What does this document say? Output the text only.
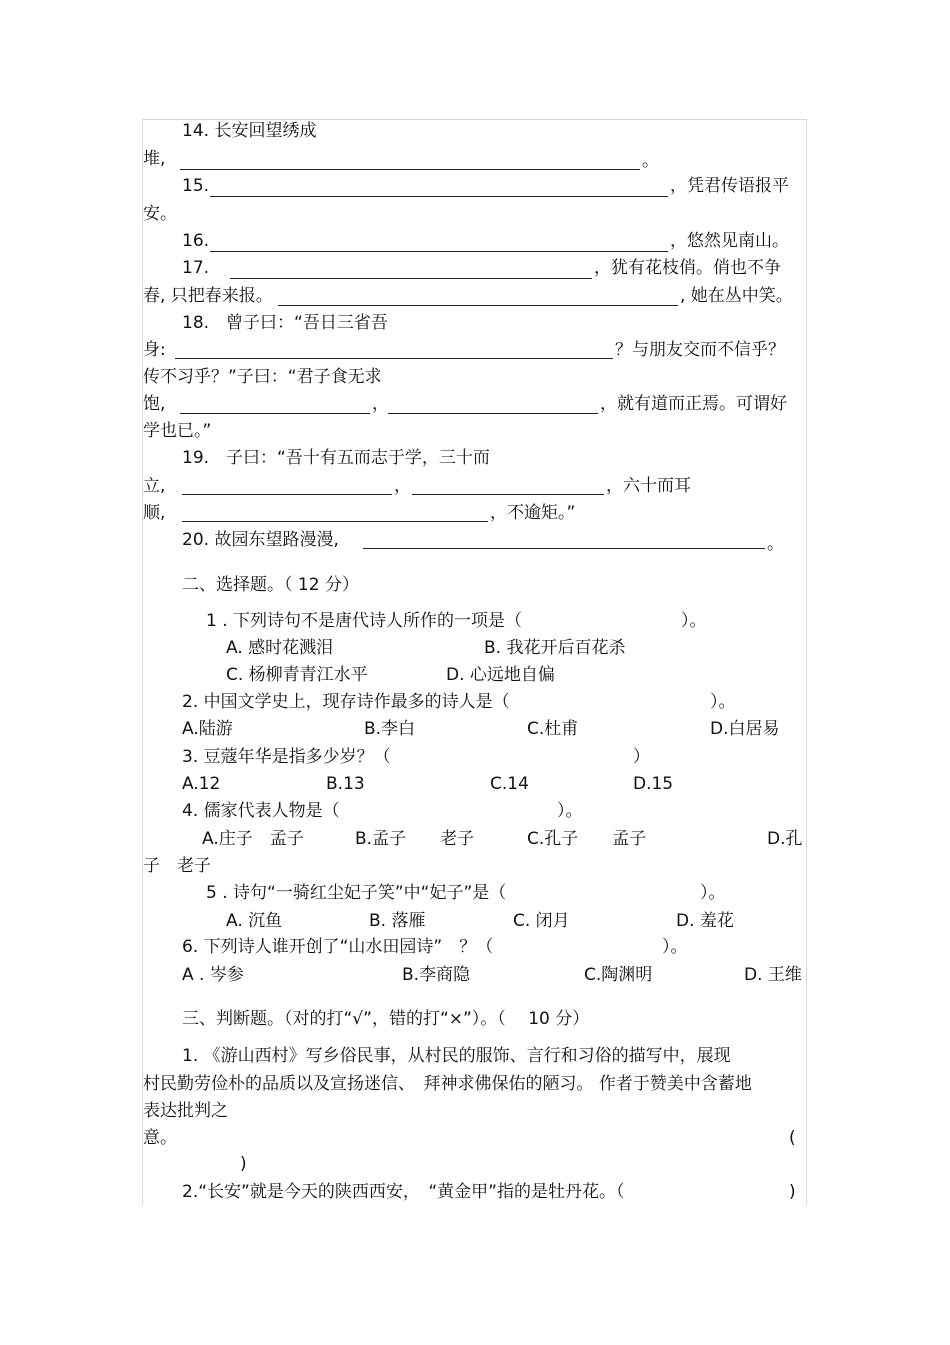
14. 长安回望绣成
堆,	。
15.	，凭君传语报平
安。
16.	，悠然见南山。
17.	，犹有花枝俏。俏也不争
春, 只把春来报。	, 她在丛中笑。
18.　曾子曰：“吾日三省吾
身:	？与朋友交而不信乎？
传不习乎？”子曰：“君子食无求
饱,	，	，就有道而正焉。可谓好
学也已。”
19.　子曰：“吾十有五而志于学，三十而
立,	，	，六十而耳
顺,	，不逾矩。”
20. 故园东望路漫漫,	。
二、选择题。（ 12 分）
1 . 下列诗句不是唐代诗人所作的一项是（	）。
A. 感时花溅泪	B. 我花开后百花杀
C. 杨柳青青江水平	D. 心远地自偏
2. 中国文学史上，现存诗作最多的诗人是（	）。
A.陆游	B.李白	C.杜甫	D.白居易
3. 豆蔻年华是指多少岁？（	）
A.12	B.13	C.14	D.15
4. 儒家代表人物是（	）。
A.庄子　孟子	B.孟子　　老子	C.孔子　　孟子	D.孔
子　老子
5 . 诗句“一骑红尘妃子笑”中“妃子”是（	）。
A. 沉鱼	B. 落雁	C. 闭月	D. 羞花
6. 下列诗人谁开创了“山水田园诗”　？（	）。
A . 岑参	B.李商隐	C.陶渊明	D. 王维
三、判断题。（对的打“√”，错的打“×”）。（　 10 分）
1. 《游山西村》写乡俗民事，从村民的服饰、言行和习俗的描写中，展现
村民勤劳俭朴的品质以及宣扬迷信、　拜神求佛保佑的陋习。 作者于赞美中含蓄地
表达批判之
意。	(
)
2.“长安”就是今天的陕西西安，　“黄金甲”指的是牡丹花。（	)
